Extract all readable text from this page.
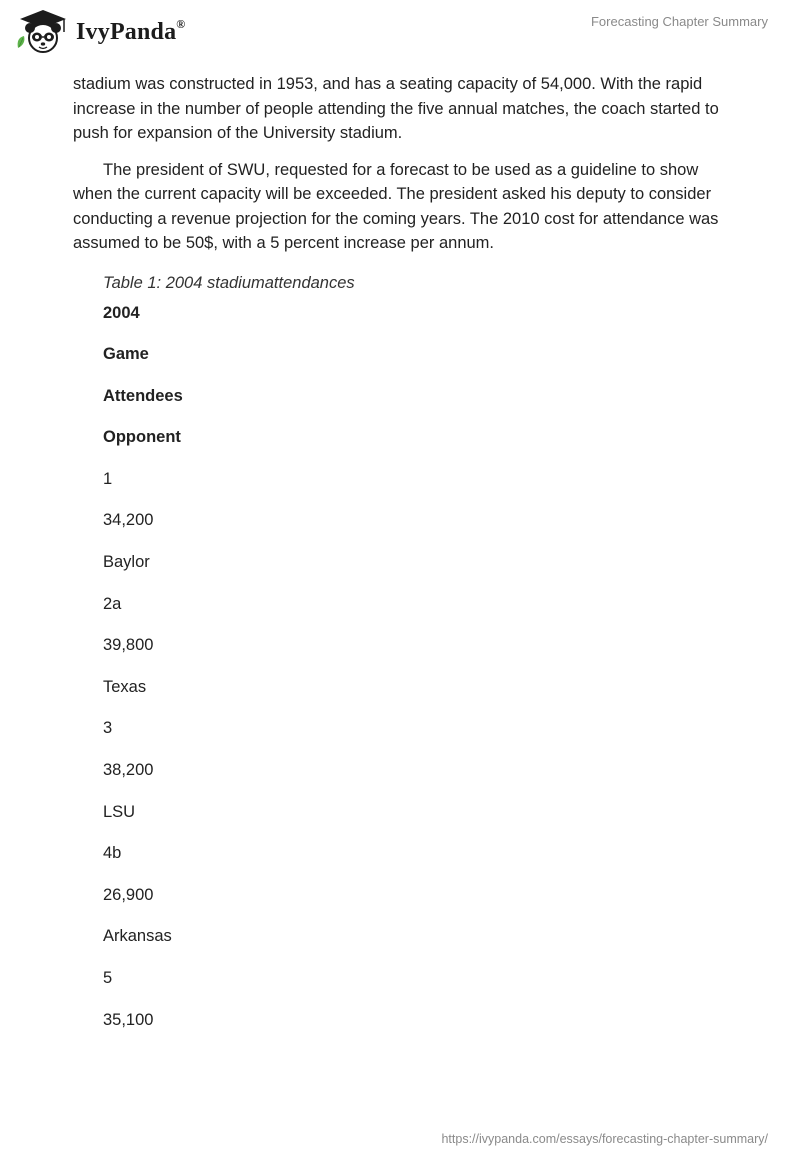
IvyPanda®	Forecasting Chapter Summary

stadium was constructed in 1953, and has a seating capacity of 54,000. With the rapid increase in the number of people attending the five annual matches, the coach started to push for expansion of the University stadium.

The president of SWU, requested for a forecast to be used as a guideline to show when the current capacity will be exceeded. The president asked his deputy to consider conducting a revenue projection for the coming years. The 2010 cost for attendance was assumed to be 50$, with a 5 percent increase per annum.

Table 1: 2004 stadiumattendances
2004
Game
Attendees
Opponent
1
34,200
Baylor
2a
39,800
Texas
3
38,200
LSU
4b
26,900
Arkansas
5
35,100
https://ivypanda.com/essays/forecasting-chapter-summary/
